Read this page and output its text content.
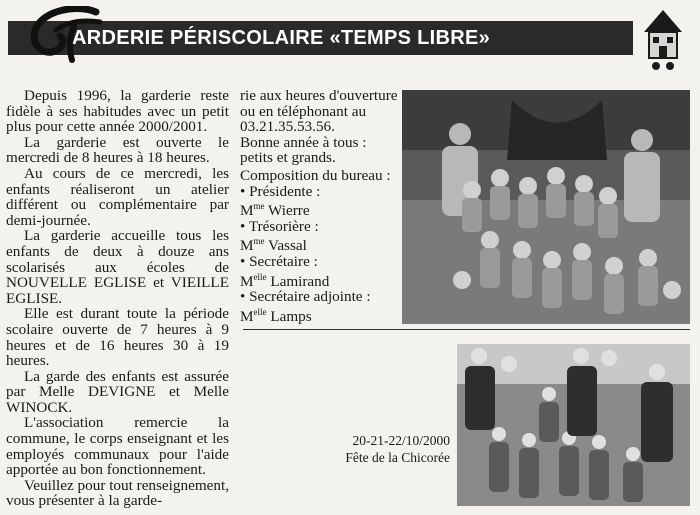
ARDERIE PÉRISCOLAIRE «TEMPS LIBRE»

Depuis 1996, la garderie reste fidèle à ses habitudes avec un petit plus pour cette année 2000/2001.

La garderie est ouverte le mercredi de 8 heures à 18 heures.

Au cours de ce mercredi, les enfants réaliseront un atelier différent ou complémentaire par demi-journée.

La garderie accueille tous les enfants de deux à douze ans scolarisés aux écoles de NOUVELLE EGLISE et VIEILLE EGLISE.

Elle est durant toute la période scolaire ouverte de 7 heures à 9 heures et de 16 heures 30 à 19 heures.

La garde des enfants est assurée par Melle DEVIGNE et Melle WINOCK.

L'association remercie la commune, le corps enseignant et les employés communaux pour l'aide apportée au bon fonctionnement.

Veuillez pour tout renseignement, vous présenter à la garde-

rie aux heures d'ouverture ou en téléphonant au 03.21.35.53.56.

Bonne année à tous : petits et grands.

Composition du bureau :

• Présidente :

$M^{me}$ Wierre

• Trésorière :

$M^{me}$ Vassal

• Secrétaire :

$M^{elle}$ Lamirand

• Secrétaire adjointe :

$M^{elle}$ Lamps

20-21-22/10/2000
Fête de la Chicorée
